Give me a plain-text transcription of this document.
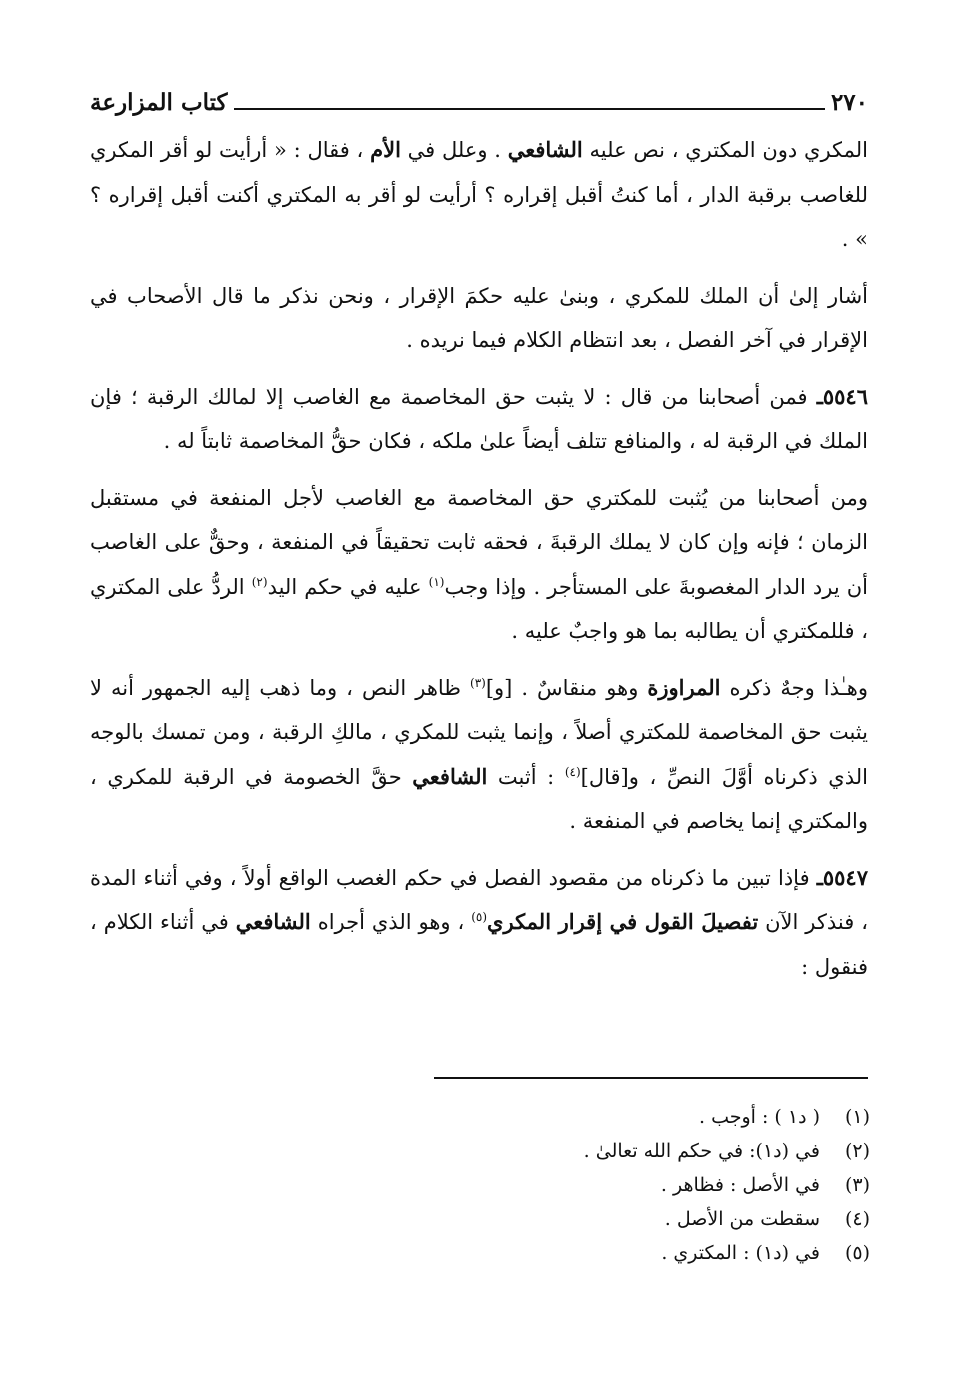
٢٧٠
كتاب المزارعة

المكري دون المكتري ، نص عليه الشافعي . وعلل في الأم ، فقال : « أرأيت لو أقر المكري للغاصب برقبة الدار ، أما كنتُ أقبل إقراره ؟ أرأيت لو أقر به المكتري أكنت أقبل إقراره ؟ » .

أشار إلىٰ أن الملك للمكري ، وبنىٰ عليه حكمَ الإقرار ، ونحن نذكر ما قال الأصحاب في الإقرار في آخر الفصل ، بعد انتظام الكلام فيما نريده .

٥٥٤٦ـ فمن أصحابنا من قال : لا يثبت حق المخاصمة مع الغاصب إلا لمالك الرقبة ؛ فإن الملك في الرقبة له ، والمنافع تتلف أيضاً علىٰ ملكه ، فكان حقُّ المخاصمة ثابتاً له .

ومن أصحابنا من يُثبت للمكتري حق المخاصمة مع الغاصب لأجل المنفعة في مستقبل الزمان ؛ فإنه وإن كان لا يملك الرقبةَ ، فحقه ثابت تحقيقاً في المنفعة ، وحقٌّ على الغاصب أن يرد الدار المغصوبةَ على المستأجر . وإذا وجب$^{(١)}$ عليه في حكم اليد$^{(٢)}$ الردُّ على المكتري ، فللمكتري أن يطالبه بما هو واجبٌ عليه .

وهـٰذا وجهٌ ذكره المراوزة وهو منقاسٌ . [و]$^{(٣)}$ ظاهر النص ، وما ذهب إليه الجمهور أنه لا يثبت حق المخاصمة للمكتري أصلاً ، وإنما يثبت للمكري ، مالكِ الرقبة ، ومن تمسك بالوجه الذي ذكرناه أوَّلَ النصِّ ، و[قال]$^{(٤)}$ : أثبت الشافعي حقَّ الخصومة في الرقبة للمكري ، والمكتري إنما يخاصم في المنفعة .

٥٥٤٧ـ فإذا تبين ما ذكرناه من مقصود الفصل في حكم الغصب الواقع أولاً ، وفي أثناء المدة ، فنذكر الآن تفصيلَ القول في إقرار المكري$^{(٥)}$ ، وهو الذي أجراه الشافعي في أثناء الكلام ، فنقول :

(١)
( د١ ) : أوجب .
(٢)
في (د١): في حكم الله تعالىٰ .
(٣)
في الأصل : فظاهر .
(٤)
سقطت من الأصل .
(٥)
في (د١) : المكتري .
